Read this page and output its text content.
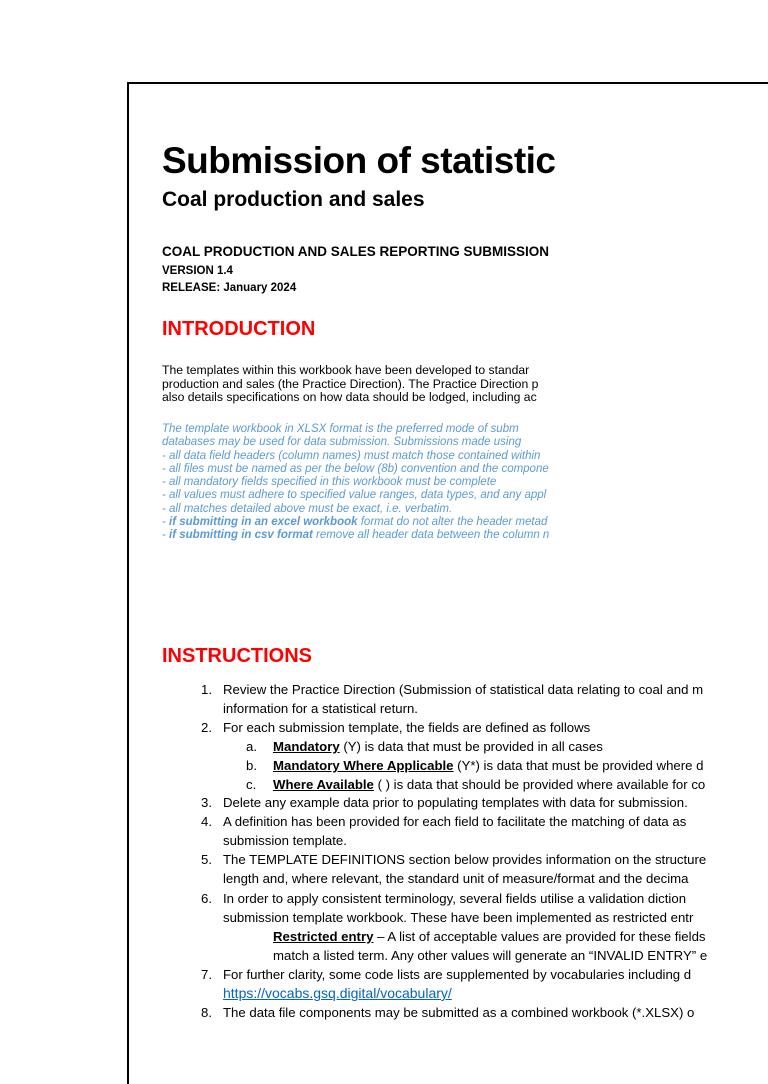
Submission of statistic
Coal production and sales
COAL PRODUCTION AND SALES REPORTING SUBMISSION
VERSION 1.4
RELEASE: January 2024
INTRODUCTION
The templates within this workbook have been developed to standar
production and sales (the Practice Direction). The Practice Direction p
also details specifications on how data should be lodged, including ac
The template workbook in XLSX format is the preferred mode of subm
databases may be used for data submission. Submissions made using
- all data field headers (column names) must match those contained within
- all files must be named as per the below (8b) convention and the compone
- all mandatory fields specified in this workbook must be complete
- all values must adhere to specified value ranges, data types, and any appl
- all matches detailed above must be exact, i.e. verbatim.
- if submitting in an excel workbook format do not alter the header metad
- if submitting in csv format remove all header data between the column n
INSTRUCTIONS
1. Review the Practice Direction (Submission of statistical data relating to coal and m
information for a statistical return.
2. For each submission template, the fields are defined as follows
a. Mandatory (Y) is data that must be provided in all cases
b. Mandatory Where Applicable (Y*) is data that must be provided where d
c. Where Available ( ) is data that should be provided where available for co
3. Delete any example data prior to populating templates with data for submission.
4. A definition has been provided for each field to facilitate the matching of data as
submission template.
5. The TEMPLATE DEFINITIONS section below provides information on the structure
length and, where relevant, the standard unit of measure/format and the decima
6. In order to apply consistent terminology, several fields utilise a validation diction
submission template workbook. These have been implemented as restricted entr
Restricted entry – A list of acceptable values are provided for these fields
match a listed term. Any other values will generate an “INVALID ENTRY” e
7. For further clarity, some code lists are supplemented by vocabularies including d
https://vocabs.gsq.digital/vocabulary/
8. The data file components may be submitted as a combined workbook (*.XLSX) o
